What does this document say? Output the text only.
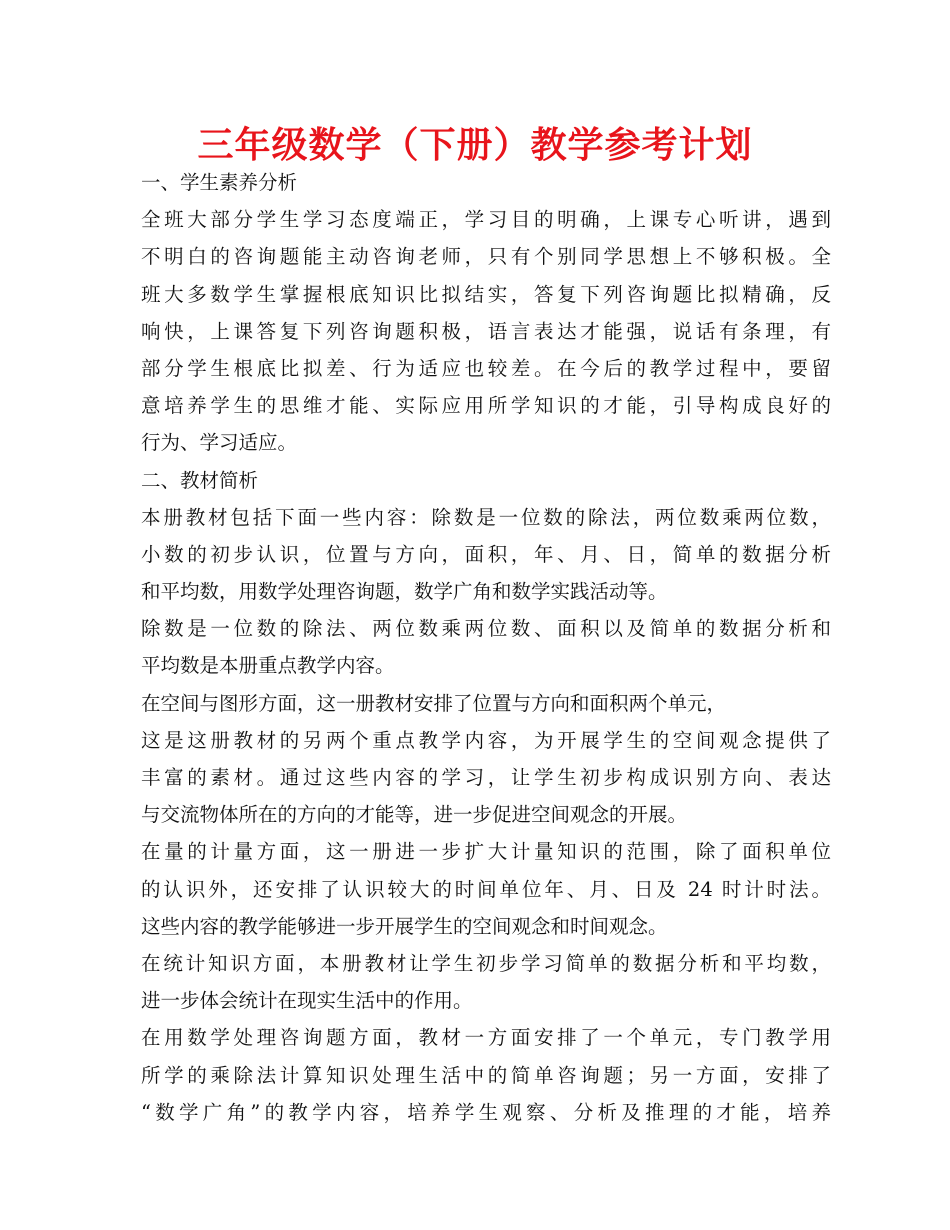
三年级数学（下册）教学参考计划
一、学生素养分析
全班大部分学生学习态度端正，学习目的明确，上课专心听讲，遇到
不明白的咨询题能主动咨询老师，只有个别同学思想上不够积极。全
班大多数学生掌握根底知识比拟结实，答复下列咨询题比拟精确，反
响快，上课答复下列咨询题积极，语言表达才能强，说话有条理，有
部分学生根底比拟差、行为适应也较差。在今后的教学过程中，要留
意培养学生的思维才能、实际应用所学知识的才能，引导构成良好的
行为、学习适应。
二、教材简析
本册教材包括下面一些内容：除数是一位数的除法，两位数乘两位数，
小数的初步认识，位置与方向，面积，年、月、日，简单的数据分析
和平均数，用数学处理咨询题，数学广角和数学实践活动等。
除数是一位数的除法、两位数乘两位数、面积以及简单的数据分析和
平均数是本册重点教学内容。
在空间与图形方面，这一册教材安排了位置与方向和面积两个单元，
这是这册教材的另两个重点教学内容，为开展学生的空间观念提供了
丰富的素材。通过这些内容的学习，让学生初步构成识别方向、表达
与交流物体所在的方向的才能等，进一步促进空间观念的开展。
在量的计量方面，这一册进一步扩大计量知识的范围，除了面积单位
的认识外，还安排了认识较大的时间单位年、月、日及 24 时计时法。
这些内容的教学能够进一步开展学生的空间观念和时间观念。
在统计知识方面，本册教材让学生初步学习简单的数据分析和平均数，
进一步体会统计在现实生活中的作用。
在用数学处理咨询题方面，教材一方面安排了一个单元，专门教学用
所学的乘除法计算知识处理生活中的简单咨询题；另一方面，安排了
“数学广角”的教学内容，培养学生观察、分析及推理的才能，培养
